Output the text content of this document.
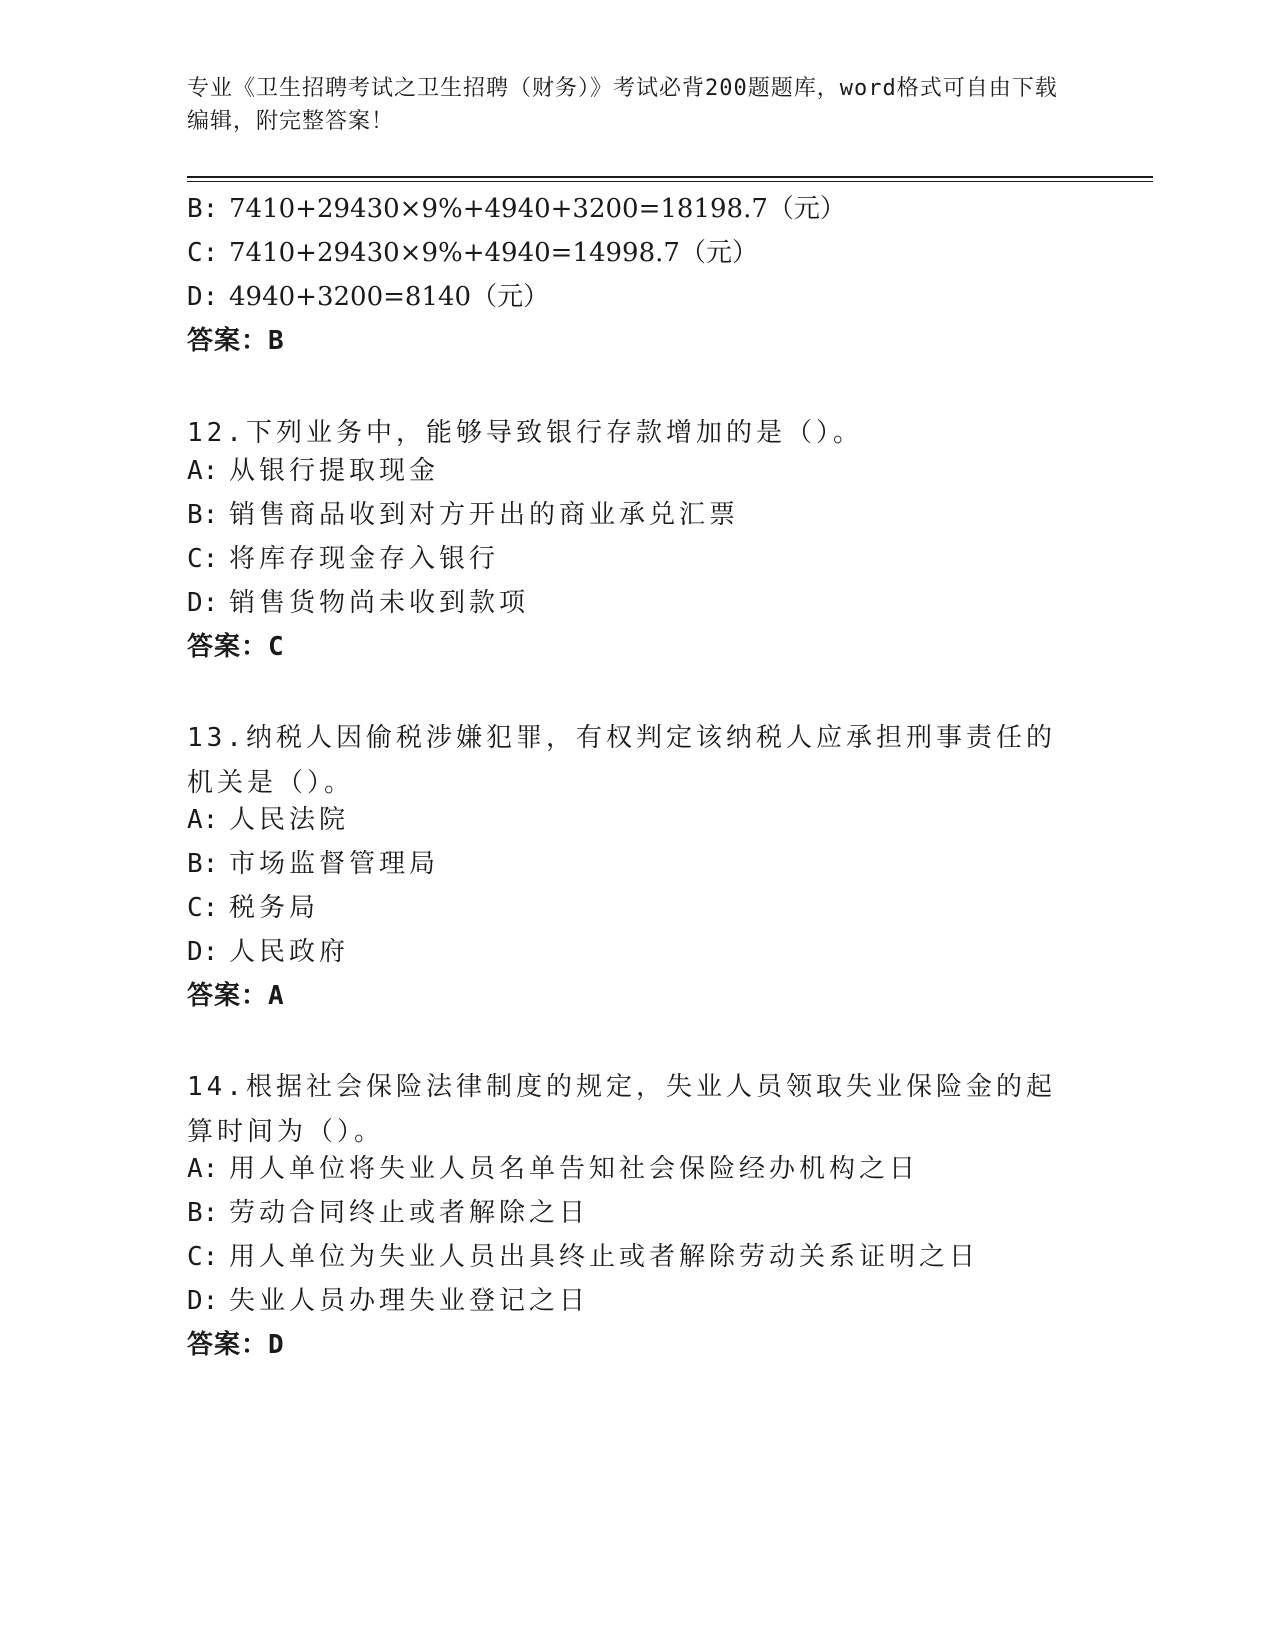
专业《卫生招聘考试之卫生招聘（财务）》考试必背200题题库，word格式可自由下载编辑，附完整答案！
B: 7410+29430×9%+4940+3200=18198.7（元）
C: 7410+29430×9%+4940=14998.7（元）
D: 4940+3200=8140（元）
答案：B
12.下列业务中，能够导致银行存款增加的是（）。
A: 从银行提取现金
B: 销售商品收到对方开出的商业承兑汇票
C: 将库存现金存入银行
D: 销售货物尚未收到款项
答案：C
13.纳税人因偷税涉嫌犯罪，有权判定该纳税人应承担刑事责任的机关是（）。
A: 人民法院
B: 市场监督管理局
C: 税务局
D: 人民政府
答案：A
14.根据社会保险法律制度的规定，失业人员领取失业保险金的起算时间为（）。
A: 用人单位将失业人员名单告知社会保险经办机构之日
B: 劳动合同终止或者解除之日
C: 用人单位为失业人员出具终止或者解除劳动关系证明之日
D: 失业人员办理失业登记之日
答案：D
